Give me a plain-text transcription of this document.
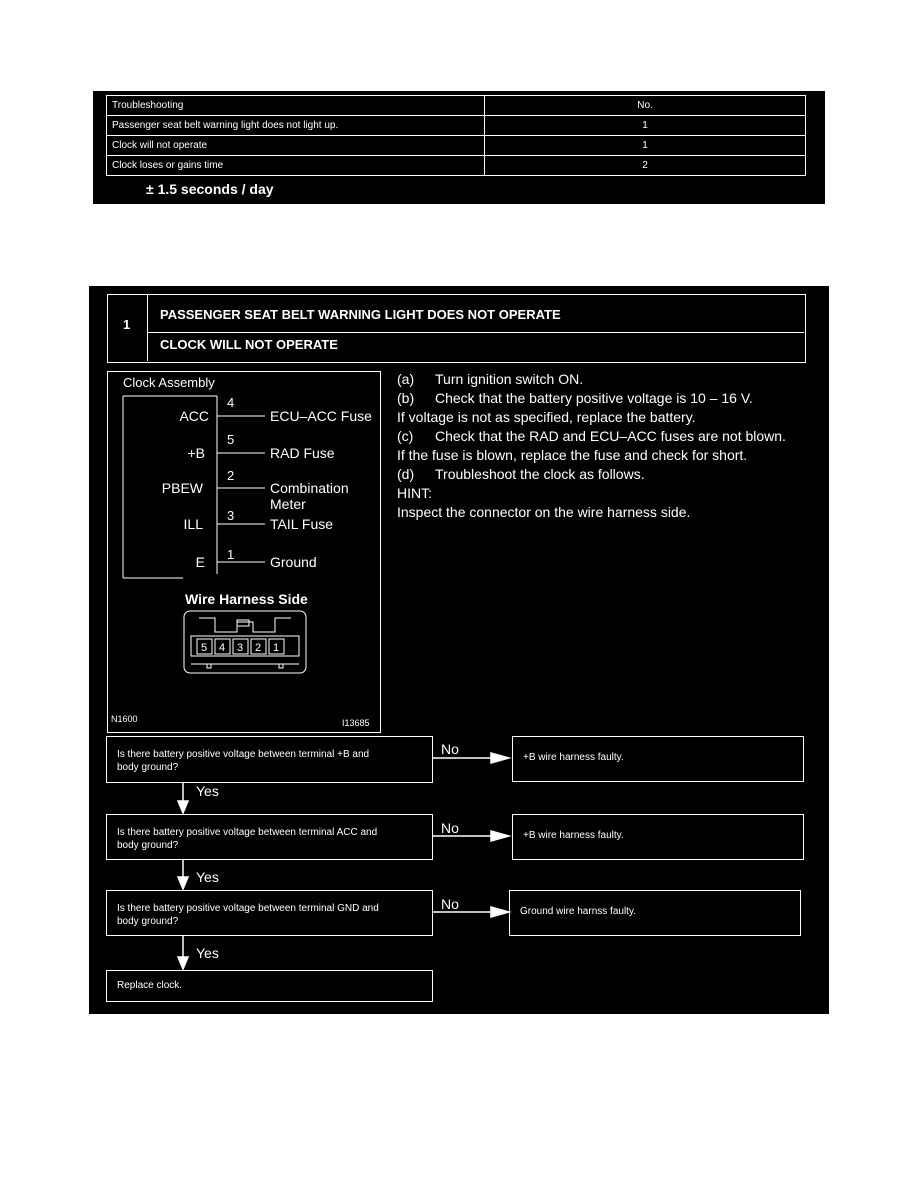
Troubleshooting	No.
Passenger seat belt warning light does not light up.	1
Clock will not operate	1
Clock loses or gains time	2
± 1.5 seconds / day
1
PASSENGER SEAT BELT WARNING LIGHT DOES NOT OPERATE
CLOCK WILL NOT OPERATE
Clock Assembly
5 4 3 2 1
ACC
+B
PBEW
ILL
E
4
5
2
3
1
ECU–ACC Fuse
RAD Fuse
Combination
Meter
TAIL Fuse
Ground
Wire Harness Side
N1600	I13685
(a) Turn ignition switch ON.
(b) Check that the battery positive voltage is 10 – 16 V.
If voltage is not as specified, replace the battery.
(c) Check that the RAD and ECU–ACC fuses are not blown.
If the fuse is blown, replace the fuse and check for short.
(d) Troubleshoot the clock as follows.
HINT:
Inspect the connector on the wire harness side.
Is there battery positive voltage between terminal +B and
body ground?
No
+B wire harness faulty.
Yes
Is there battery positive voltage between terminal ACC and
body ground?
No	+B wire harness faulty.
Yes
Is there battery positive voltage between terminal GND and
body ground?
No	Ground wire harnss faulty.
Yes
Replace clock.
